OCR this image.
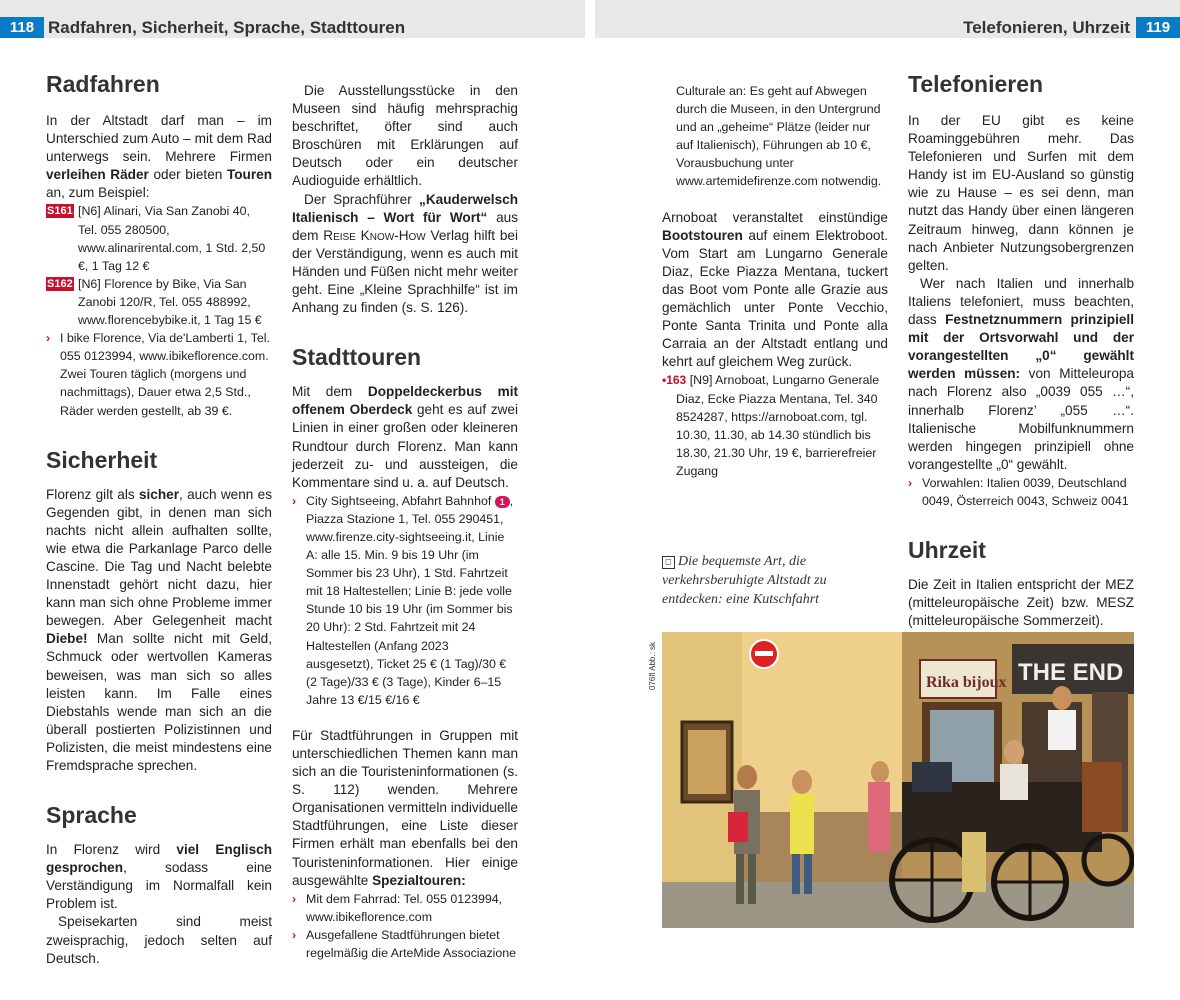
118 Radfahren, Sicherheit, Sprache, Stadttouren	Telefonieren, Uhrzeit	119
Radfahren

In der Altstadt darf man – im Unterschied zum Auto – mit dem Rad unterwegs sein. Mehrere Firmen verleihen Räder oder bieten Touren an, zum Beispiel:

S161 [N6] Alinari, Via San Zanobi 40, Tel. 055 280500, www.alinarirental.com, 1 Std. 2,50 €, 1 Tag 12 €
S162 [N6] Florence by Bike, Via San Zanobi 120/R, Tel. 055 488992, www.florencebybike.it, 1 Tag 15 €
› I bike Florence, Via de'Lamberti 1, Tel. 055 0123994, www.ibikeflorence.com. Zwei Touren täglich (morgens und nachmittags), Dauer etwa 2,5 Std., Räder werden gestellt, ab 39 €.
Sicherheit

Florenz gilt als sicher, auch wenn es Gegenden gibt, in denen man sich nachts nicht allein aufhalten sollte, wie etwa die Parkanlage Parco delle Cascine. Die Tag und Nacht belebte Innenstadt gehört nicht dazu, hier kann man sich ohne Probleme immer bewegen. Aber Gelegenheit macht Diebe! Man sollte nicht mit Geld, Schmuck oder wertvollen Kameras beweisen, was man sich so alles leisten kann. Im Falle eines Diebstahls wende man sich an die überall postierten Polizistinnen und Polizisten, die meist mindestens eine Fremdsprache sprechen.

Sprache

In Florenz wird viel Englisch gesprochen, sodass eine Verständigung im Normalfall kein Problem ist.

Speisekarten sind meist zweisprachig, jedoch selten auf Deutsch.

Die Ausstellungsstücke in den Museen sind häufig mehrsprachig beschriftet, öfter sind auch Broschüren mit Erklärungen auf Deutsch oder ein deutscher Audioguide erhältlich.

Der Sprachführer „Kauderwelsch Italienisch – Wort für Wort“ aus dem Reise Know-How Verlag hilft bei der Verständigung, wenn es auch mit Händen und Füßen nicht mehr weiter geht. Eine „Kleine Sprachhilfe“ ist im Anhang zu finden (s. S. 126).

Stadttouren

Mit dem Doppeldeckerbus mit offenem Oberdeck geht es auf zwei Linien in einer großen oder kleineren Rundtour durch Florenz. Man kann jederzeit zu- und aussteigen, die Kommentare sind u. a. auf Deutsch.

› City Sightseeing, Abfahrt Bahnhof 1 , Piazza Stazione 1, Tel. 055 290451, www.firenze.city-sightseeing.it, Linie A: alle 15. Min. 9 bis 19 Uhr (im Sommer bis 23 Uhr), 1 Std. Fahrtzeit mit 18 Haltestellen; Linie B: jede volle Stunde 10 bis 19 Uhr (im Sommer bis 20 Uhr): 2 Std. Fahrtzeit mit 24 Haltestellen (Anfang 2023 ausgesetzt), Ticket 25 € (1 Tag)/30 € (2 Tage)/33 € (3 Tage), Kinder 6–15 Jahre 13 €/15 €/16 €

Für Stadtführungen in Gruppen mit unterschiedlichen Themen kann man sich an die Touristeninformationen (s. S. 112) wenden. Mehrere Organisationen vermitteln individuelle Stadtführungen, eine Liste dieser Firmen erhält man ebenfalls bei den Touristeninformationen. Hier einige ausgewählte Spezialtouren:

› Mit dem Fahrrad: Tel. 055 0123994, www.ibikeflorence.com
› Ausgefallene Stadtführungen bietet regelmäßig die ArteMide Associazione
Culturale an: Es geht auf Abwegen durch die Museen, in den Untergrund und an „geheime“ Plätze (leider nur auf Italienisch), Führungen ab 10 €, Vorausbuchung unter www.artemidefirenze.com notwendig.

Arnoboat veranstaltet einstündige Bootstouren auf einem Elektroboot. Vom Start am Lungarno Generale Diaz, Ecke Piazza Mentana, tuckert das Boot vom Ponte alle Grazie aus gemächlich unter Ponte Vecchio, Ponte Santa Trinita und Ponte alla Carraia an der Altstadt entlang und kehrt auf gleichem Weg zurück.

•163 [N9] Arnoboat, Lungarno Generale Diaz, Ecke Piazza Mentana, Tel. 340 8524287, https://arnoboat.com, tgl. 10.30, 11.30, ab 14.30 stündlich bis 18.30, 21.30 Uhr, 19 €, barrierefreier Zugang
◻ Die bequemste Art, die verkehrsberuhigte Altstadt zu entdecken: eine Kutschfahrt
076fl Abb.: sk	Rika bijoux THE END
Telefonieren

In der EU gibt es keine Roaminggebühren mehr. Das Telefonieren und Surfen mit dem Handy ist im EU-Ausland so günstig wie zu Hause – es sei denn, man nutzt das Handy über einen längeren Zeitraum hinweg, dann können je nach Anbieter Nutzungsobergrenzen gelten.

Wer nach Italien und innerhalb Italiens telefoniert, muss beachten, dass Festnetznummern prinzipiell mit der Ortsvorwahl und der vorangestellten „0“ gewählt werden müssen: von Mitteleuropa nach Florenz also „0039 055 …“, innerhalb Florenz’ „055 …“. Italienische Mobilfunknummern werden hingegen prinzipiell ohne vorangestellte „0“ gewählt.

› Vorwahlen: Italien 0039, Deutschland 0049, Österreich 0043, Schweiz 0041
Uhrzeit

Die Zeit in Italien entspricht der MEZ (mitteleuropäische Zeit) bzw. MESZ (mitteleuropäische Sommerzeit).
